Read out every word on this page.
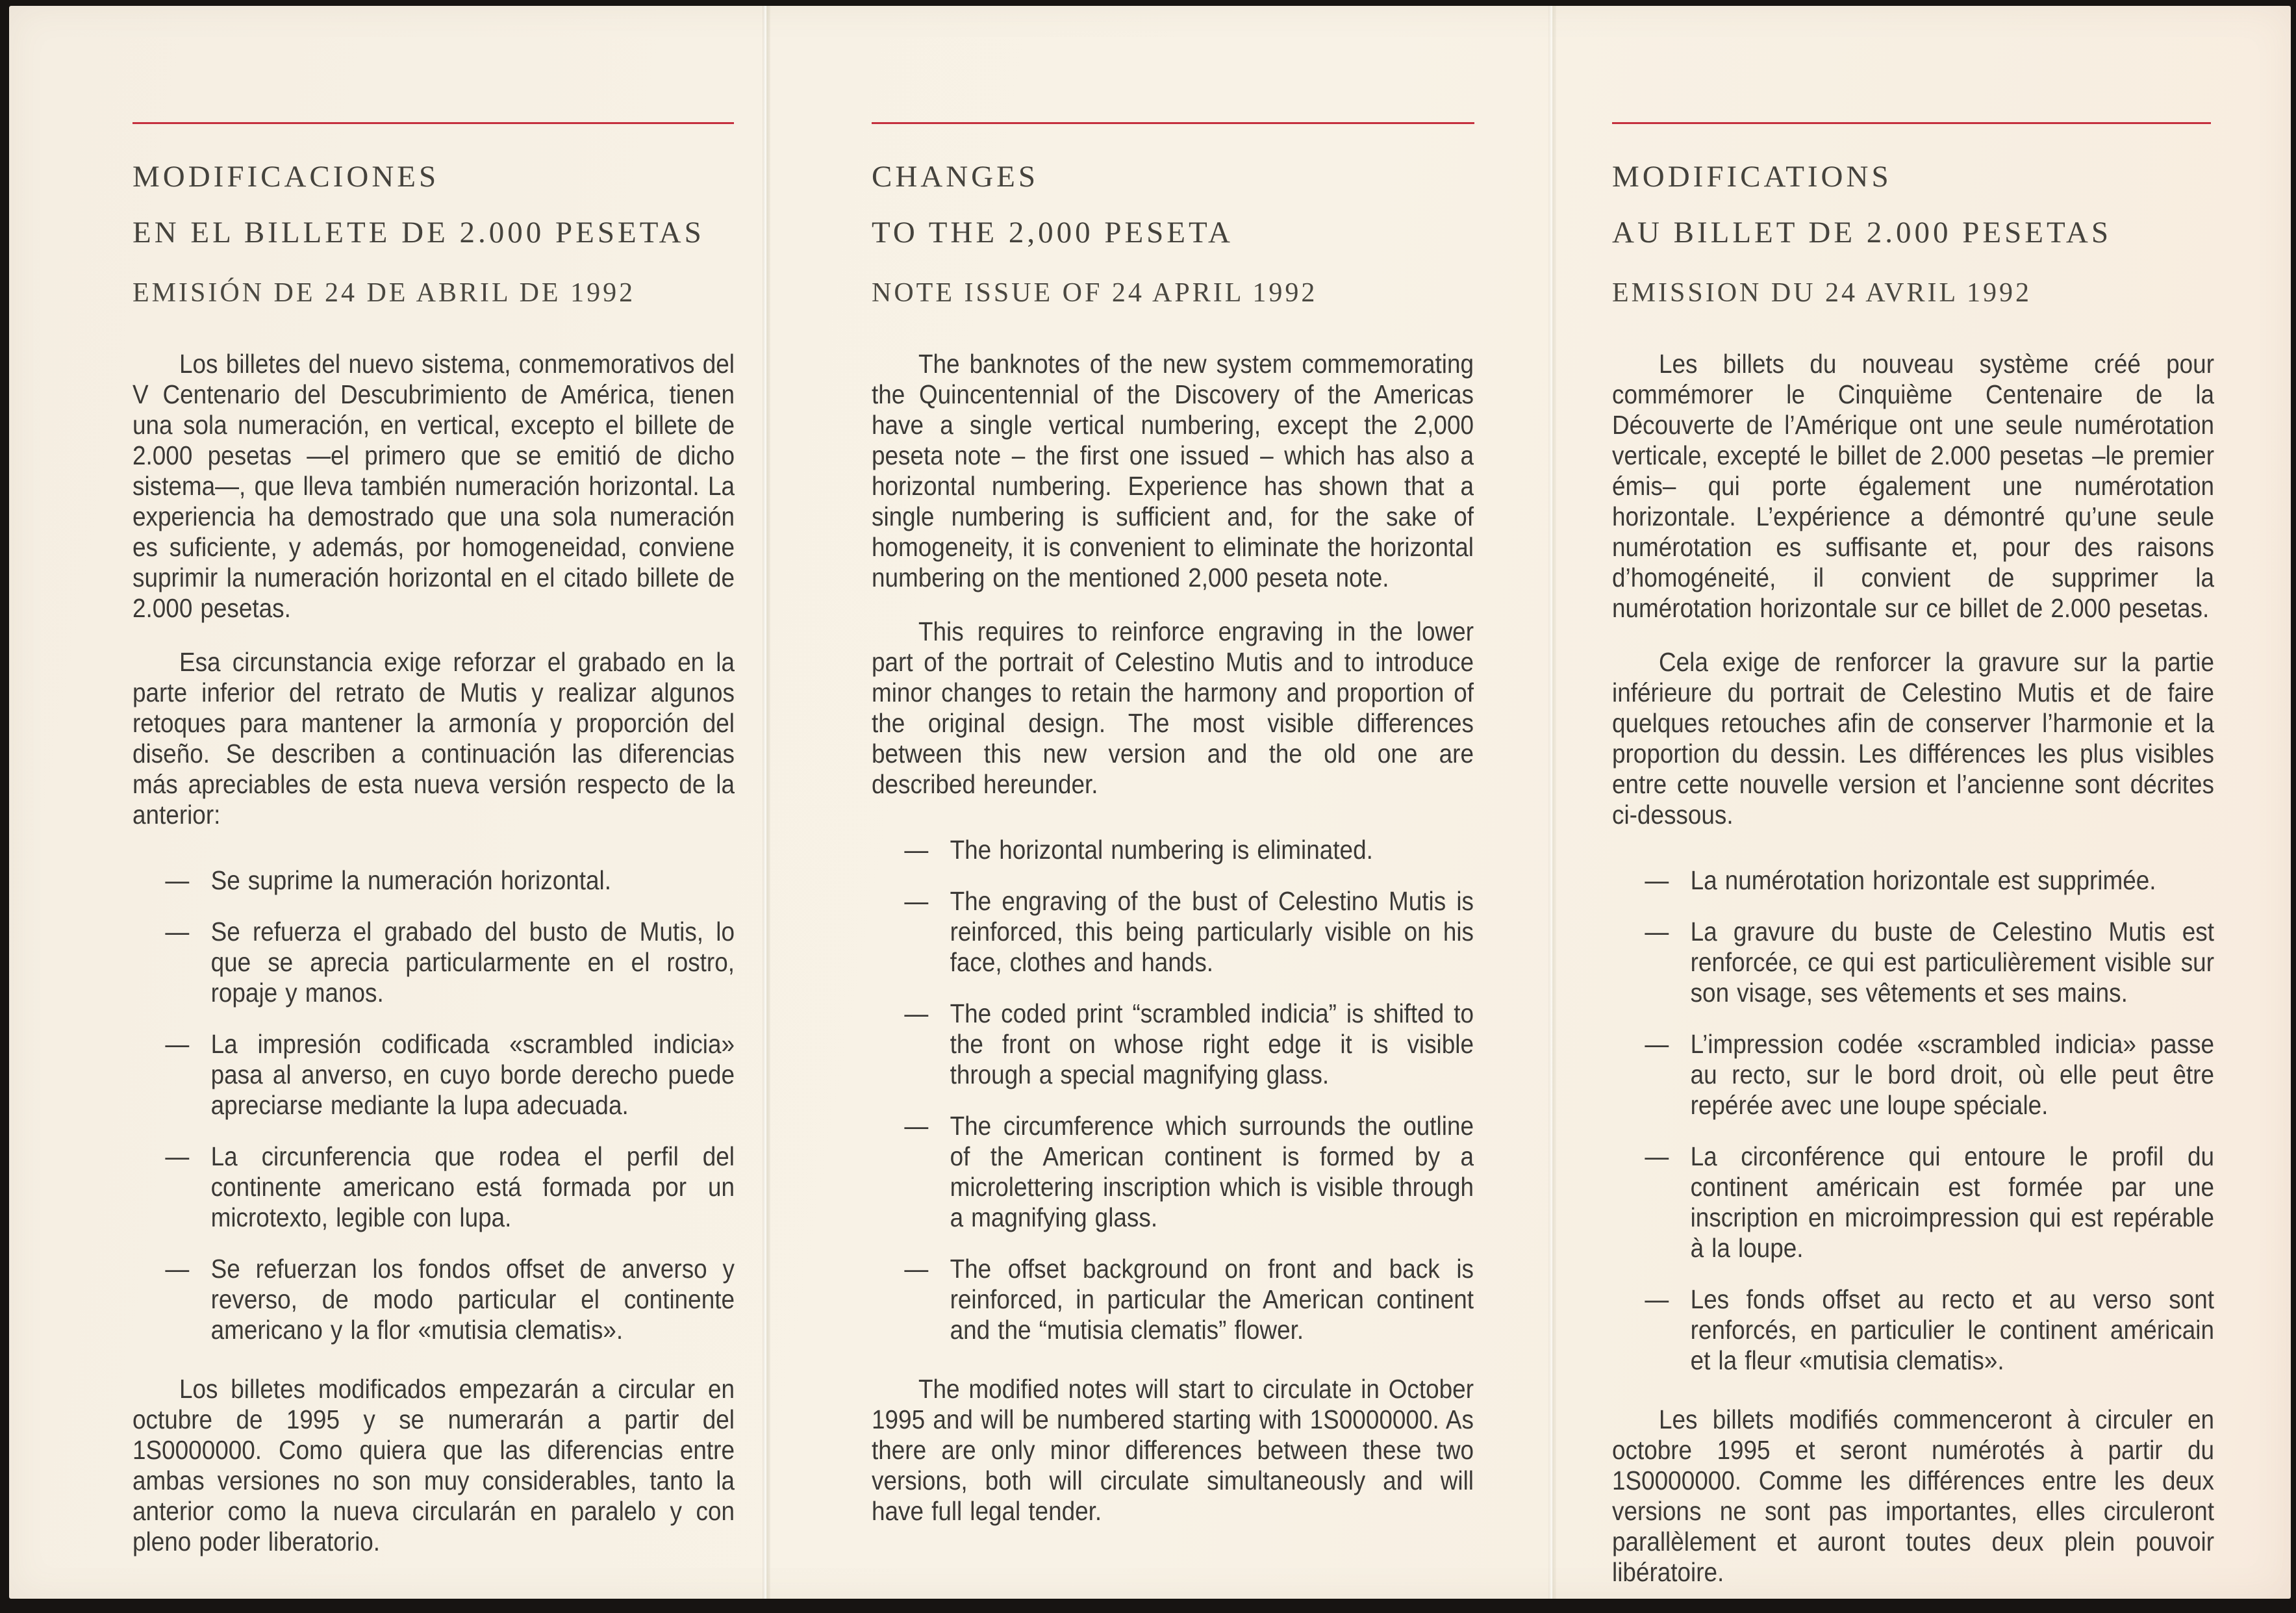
MODIFICACIONES
EN EL BILLETE DE 2.000 PESETAS
EMISIÓN DE 24 DE ABRIL DE 1992

Los billetes del nuevo sistema, conmemorativos del V Centenario del Descubrimiento de América, tienen una sola numeración, en vertical, excepto el billete de 2.000 pesetas —el primero que se emitió de dicho sistema—, que lleva también numeración horizontal. La experiencia ha demostrado que una sola numeración es suficiente, y además, por homogeneidad, conviene suprimir la numeración horizontal en el citado billete de 2.000 pesetas.

Esa circunstancia exige reforzar el grabado en la parte inferior del retrato de Mutis y realizar algunos retoques para mantener la armonía y proporción del diseño. Se describen a continuación las diferencias más apreciables de esta nueva versión respecto de la anterior:

— Se suprime la numeración horizontal.
— Se refuerza el grabado del busto de Mutis, lo que se aprecia particularmente en el rostro, ropaje y manos.
— La impresión codificada «scrambled indicia» pasa al anverso, en cuyo borde derecho puede apreciarse mediante la lupa adecuada.
— La circunferencia que rodea el perfil del continente americano está formada por un microtexto, legible con lupa.
— Se refuerzan los fondos offset de anverso y reverso, de modo particular el continente americano y la flor «mutisia clematis».

Los billetes modificados empezarán a circular en octubre de 1995 y se numerarán a partir del 1S0000000. Como quiera que las diferencias entre ambas versiones no son muy considerables, tanto la anterior como la nueva circularán en paralelo y con pleno poder liberatorio.

CHANGES
TO THE 2,000 PESETA
NOTE ISSUE OF 24 APRIL 1992

The banknotes of the new system commemorating the Quincentennial of the Discovery of the Americas have a single vertical numbering, except the 2,000 peseta note – the first one issued – which has also a horizontal numbering. Experience has shown that a single numbering is sufficient and, for the sake of homogeneity, it is convenient to eliminate the horizontal numbering on the mentioned 2,000 peseta note.

This requires to reinforce engraving in the lower part of the portrait of Celestino Mutis and to introduce minor changes to retain the harmony and proportion of the original design. The most visible differences between this new version and the old one are described hereunder.

— The horizontal numbering is eliminated.
— The engraving of the bust of Celestino Mutis is reinforced, this being particularly visible on his face, clothes and hands.
— The coded print “scrambled indicia” is shifted to the front on whose right edge it is visible through a special magnifying glass.
— The circumference which surrounds the outline of the American continent is formed by a microlettering inscription which is visible through a magnifying glass.
— The offset background on front and back is reinforced, in particular the American continent and the “mutisia clematis” flower.

The modified notes will start to circulate in October 1995 and will be numbered starting with 1S0000000. As there are only minor differences between these two versions, both will circulate simultaneously and will have full legal tender.

MODIFICATIONS
AU BILLET DE 2.000 PESETAS
EMISSION DU 24 AVRIL 1992

Les billets du nouveau système créé pour commémorer le Cinquième Centenaire de la Découverte de l’Amérique ont une seule numérotation verticale, excepté le billet de 2.000 pesetas –le premier émis– qui porte également une numérotation horizontale. L’expérience a démontré qu’une seule numérotation es suffisante et, pour des raisons d’homogéneité, il convient de supprimer la numérotation horizontale sur ce billet de 2.000 pesetas.

Cela exige de renforcer la gravure sur la partie inférieure du portrait de Celestino Mutis et de faire quelques retouches afin de conserver l’harmonie et la proportion du dessin. Les différences les plus visibles entre cette nouvelle version et l’ancienne sont décrites ci-dessous.

— La numérotation horizontale est supprimée.
— La gravure du buste de Celestino Mutis est renforcée, ce qui est particulièrement visible sur son visage, ses vêtements et ses mains.
— L’impression codée «scrambled indicia» passe au recto, sur le bord droit, où elle peut être repérée avec une loupe spéciale.
— La circonférence qui entoure le profil du continent américain est formée par une inscription en microimpression qui est repérable à la loupe.
— Les fonds offset au recto et au verso sont renforcés, en particulier le continent américain et la fleur «mutisia clematis».

Les billets modifiés commenceront à circuler en octobre 1995 et seront numérotés à partir du 1S0000000. Comme les différences entre les deux versions ne sont pas importantes, elles circuleront parallèlement et auront toutes deux plein pouvoir libératoire.
